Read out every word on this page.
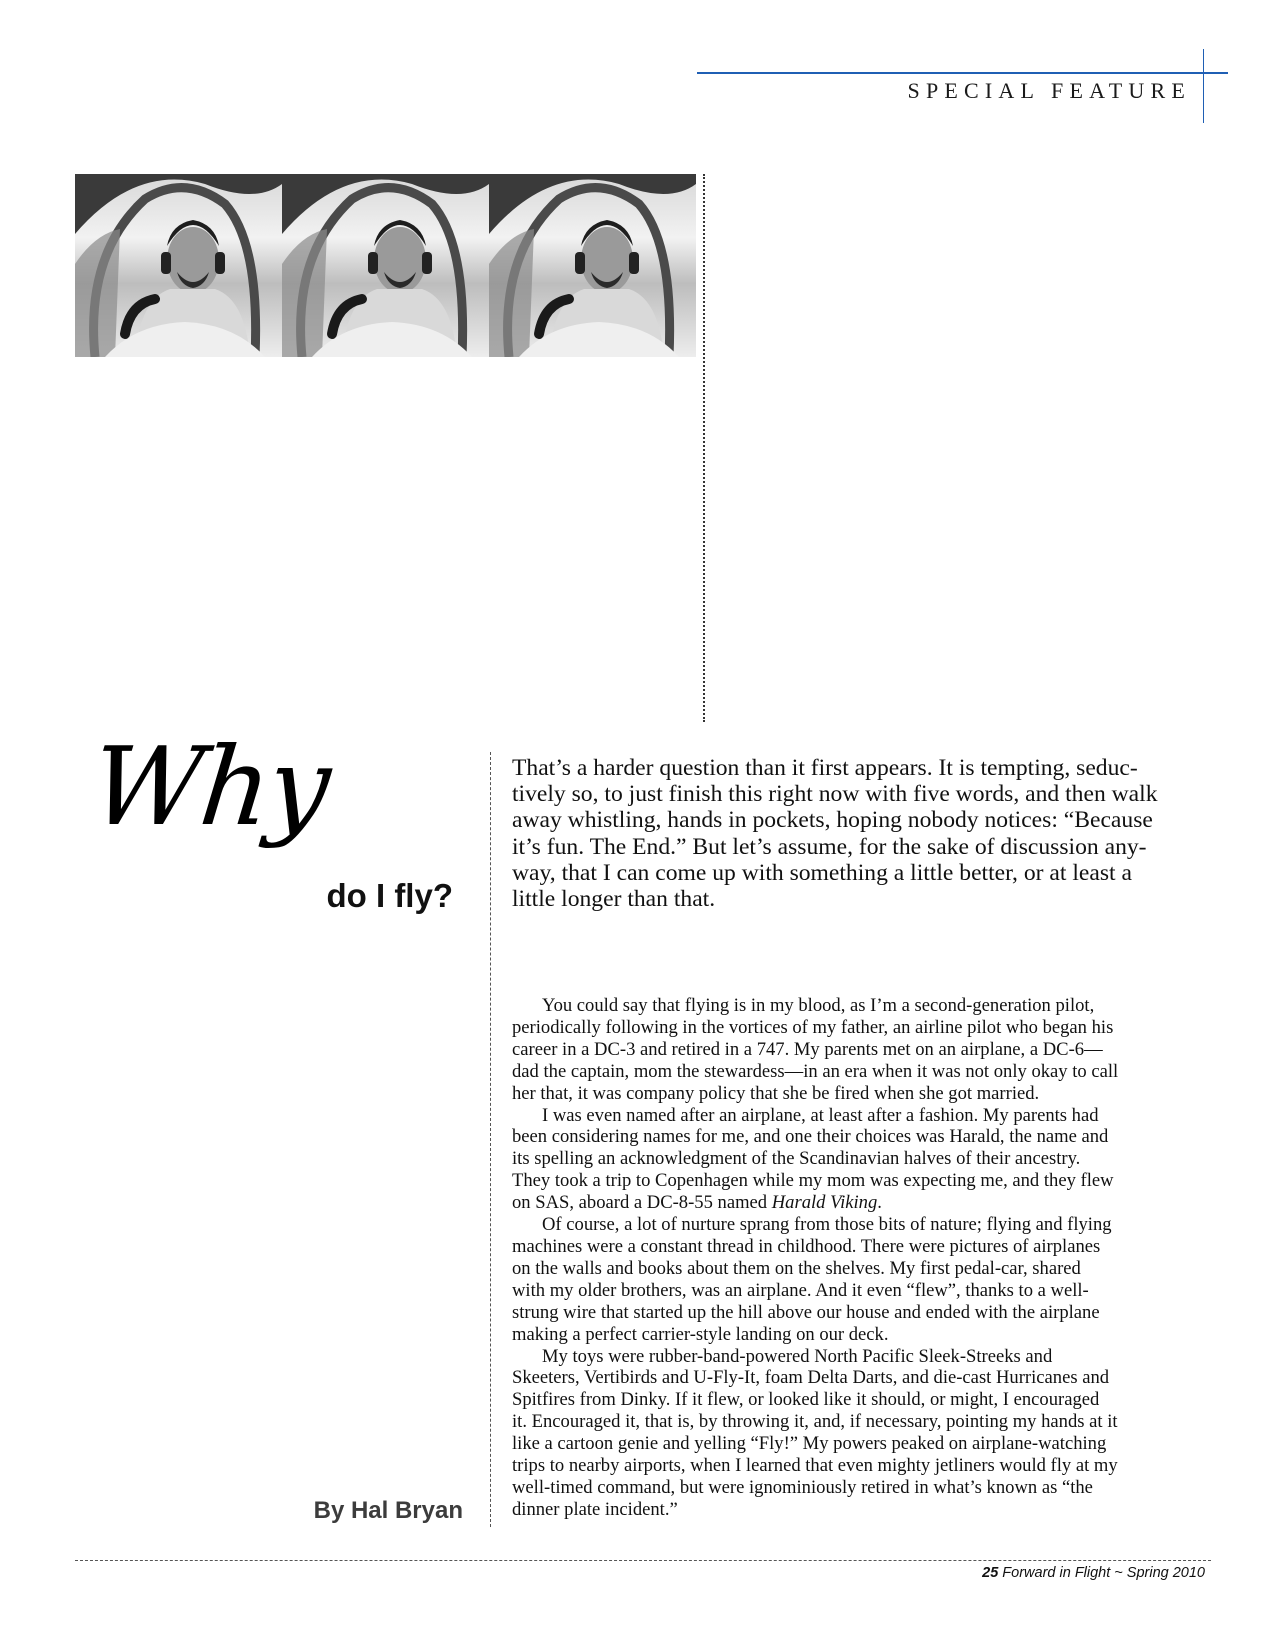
SPECIAL FEATURE
Why
do I fly?
By Hal Bryan

That’s a harder question than it first appears. It is tempting, seduc-

tively so, to just finish this right now with five words, and then walk

away whistling, hands in pockets, hoping nobody notices: “Because

it’s fun. The End.” But let’s assume, for the sake of discussion any-

way, that I can come up with something a little better, or at least a

little longer than that.

You could say that flying is in my blood, as I’m a second-generation pilot,

periodically following in the vortices of my father, an airline pilot who began his

career in a DC-3 and retired in a 747. My parents met on an airplane, a DC-6—

dad the captain, mom the stewardess—in an era when it was not only okay to call

her that, it was company policy that she be fired when she got married.

I was even named after an airplane, at least after a fashion. My parents had

been considering names for me, and one their choices was Harald, the name and

its spelling an acknowledgment of the Scandinavian halves of their ancestry.

They took a trip to Copenhagen while my mom was expecting me, and they flew

on SAS, aboard a DC-8-55 named Harald Viking.

Of course, a lot of nurture sprang from those bits of nature; flying and flying

machines were a constant thread in childhood. There were pictures of airplanes

on the walls and books about them on the shelves. My first pedal-car, shared

with my older brothers, was an airplane. And it even “flew”, thanks to a well-

strung wire that started up the hill above our house and ended with the airplane

making a perfect carrier-style landing on our deck.

My toys were rubber-band-powered North Pacific Sleek-Streeks and

Skeeters, Vertibirds and U-Fly-It, foam Delta Darts, and die-cast Hurricanes and

Spitfires from Dinky. If it flew, or looked like it should, or might, I encouraged

it. Encouraged it, that is, by throwing it, and, if necessary, pointing my hands at it

like a cartoon genie and yelling “Fly!” My powers peaked on airplane-watching

trips to nearby airports, when I learned that even mighty jetliners would fly at my

well-timed command, but were ignominiously retired in what’s known as “the

dinner plate incident.”

25 Forward in Flight ~ Spring 2010
